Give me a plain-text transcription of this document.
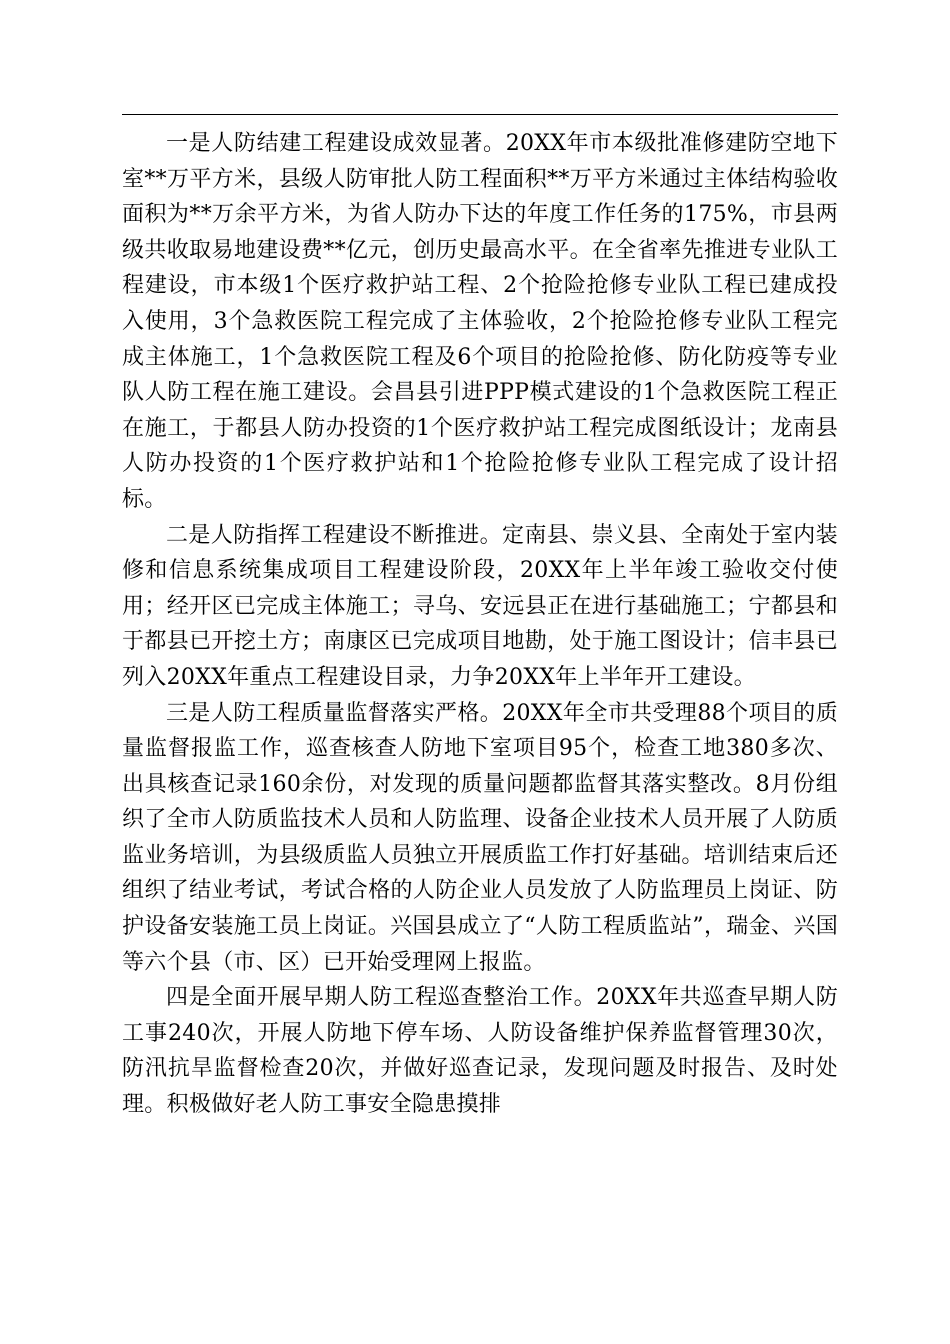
一是人防结建工程建设成效显著。20XX年市本级批准修建防空地下室**万平方米，县级人防审批人防工程面积**万平方米通过主体结构验收面积为**万余平方米，为省人防办下达的年度工作任务的175%，市县两级共收取易地建设费**亿元，创历史最高水平。在全省率先推进专业队工程建设，市本级1个医疗救护站工程、2个抢险抢修专业队工程已建成投入使用，3个急救医院工程完成了主体验收，2个抢险抢修专业队工程完成主体施工，1个急救医院工程及6个项目的抢险抢修、防化防疫等专业队人防工程在施工建设。会昌县引进PPP模式建设的1个急救医院工程正在施工，于都县人防办投资的1个医疗救护站工程完成图纸设计；龙南县人防办投资的1个医疗救护站和1个抢险抢修专业队工程完成了设计招标。

二是人防指挥工程建设不断推进。定南县、崇义县、全南处于室内装修和信息系统集成项目工程建设阶段，20XX年上半年竣工验收交付使用；经开区已完成主体施工；寻乌、安远县正在进行基础施工；宁都县和于都县已开挖土方；南康区已完成项目地勘，处于施工图设计；信丰县已列入20XX年重点工程建设目录，力争20XX年上半年开工建设。

三是人防工程质量监督落实严格。20XX年全市共受理88个项目的质量监督报监工作，巡查核查人防地下室项目95个，检查工地380多次、出具核查记录160余份，对发现的质量问题都监督其落实整改。8月份组织了全市人防质监技术人员和人防监理、设备企业技术人员开展了人防质监业务培训，为县级质监人员独立开展质监工作打好基础。培训结束后还组织了结业考试，考试合格的人防企业人员发放了人防监理员上岗证、防护设备安装施工员上岗证。兴国县成立了“人防工程质监站”，瑞金、兴国等六个县（市、区）已开始受理网上报监。

四是全面开展早期人防工程巡查整治工作。20XX年共巡查早期人防工事240次，开展人防地下停车场、人防设备维护保养监督管理30次，防汛抗旱监督检查20次，并做好巡查记录，发现问题及时报告、及时处理。积极做好老人防工事安全隐患摸排
